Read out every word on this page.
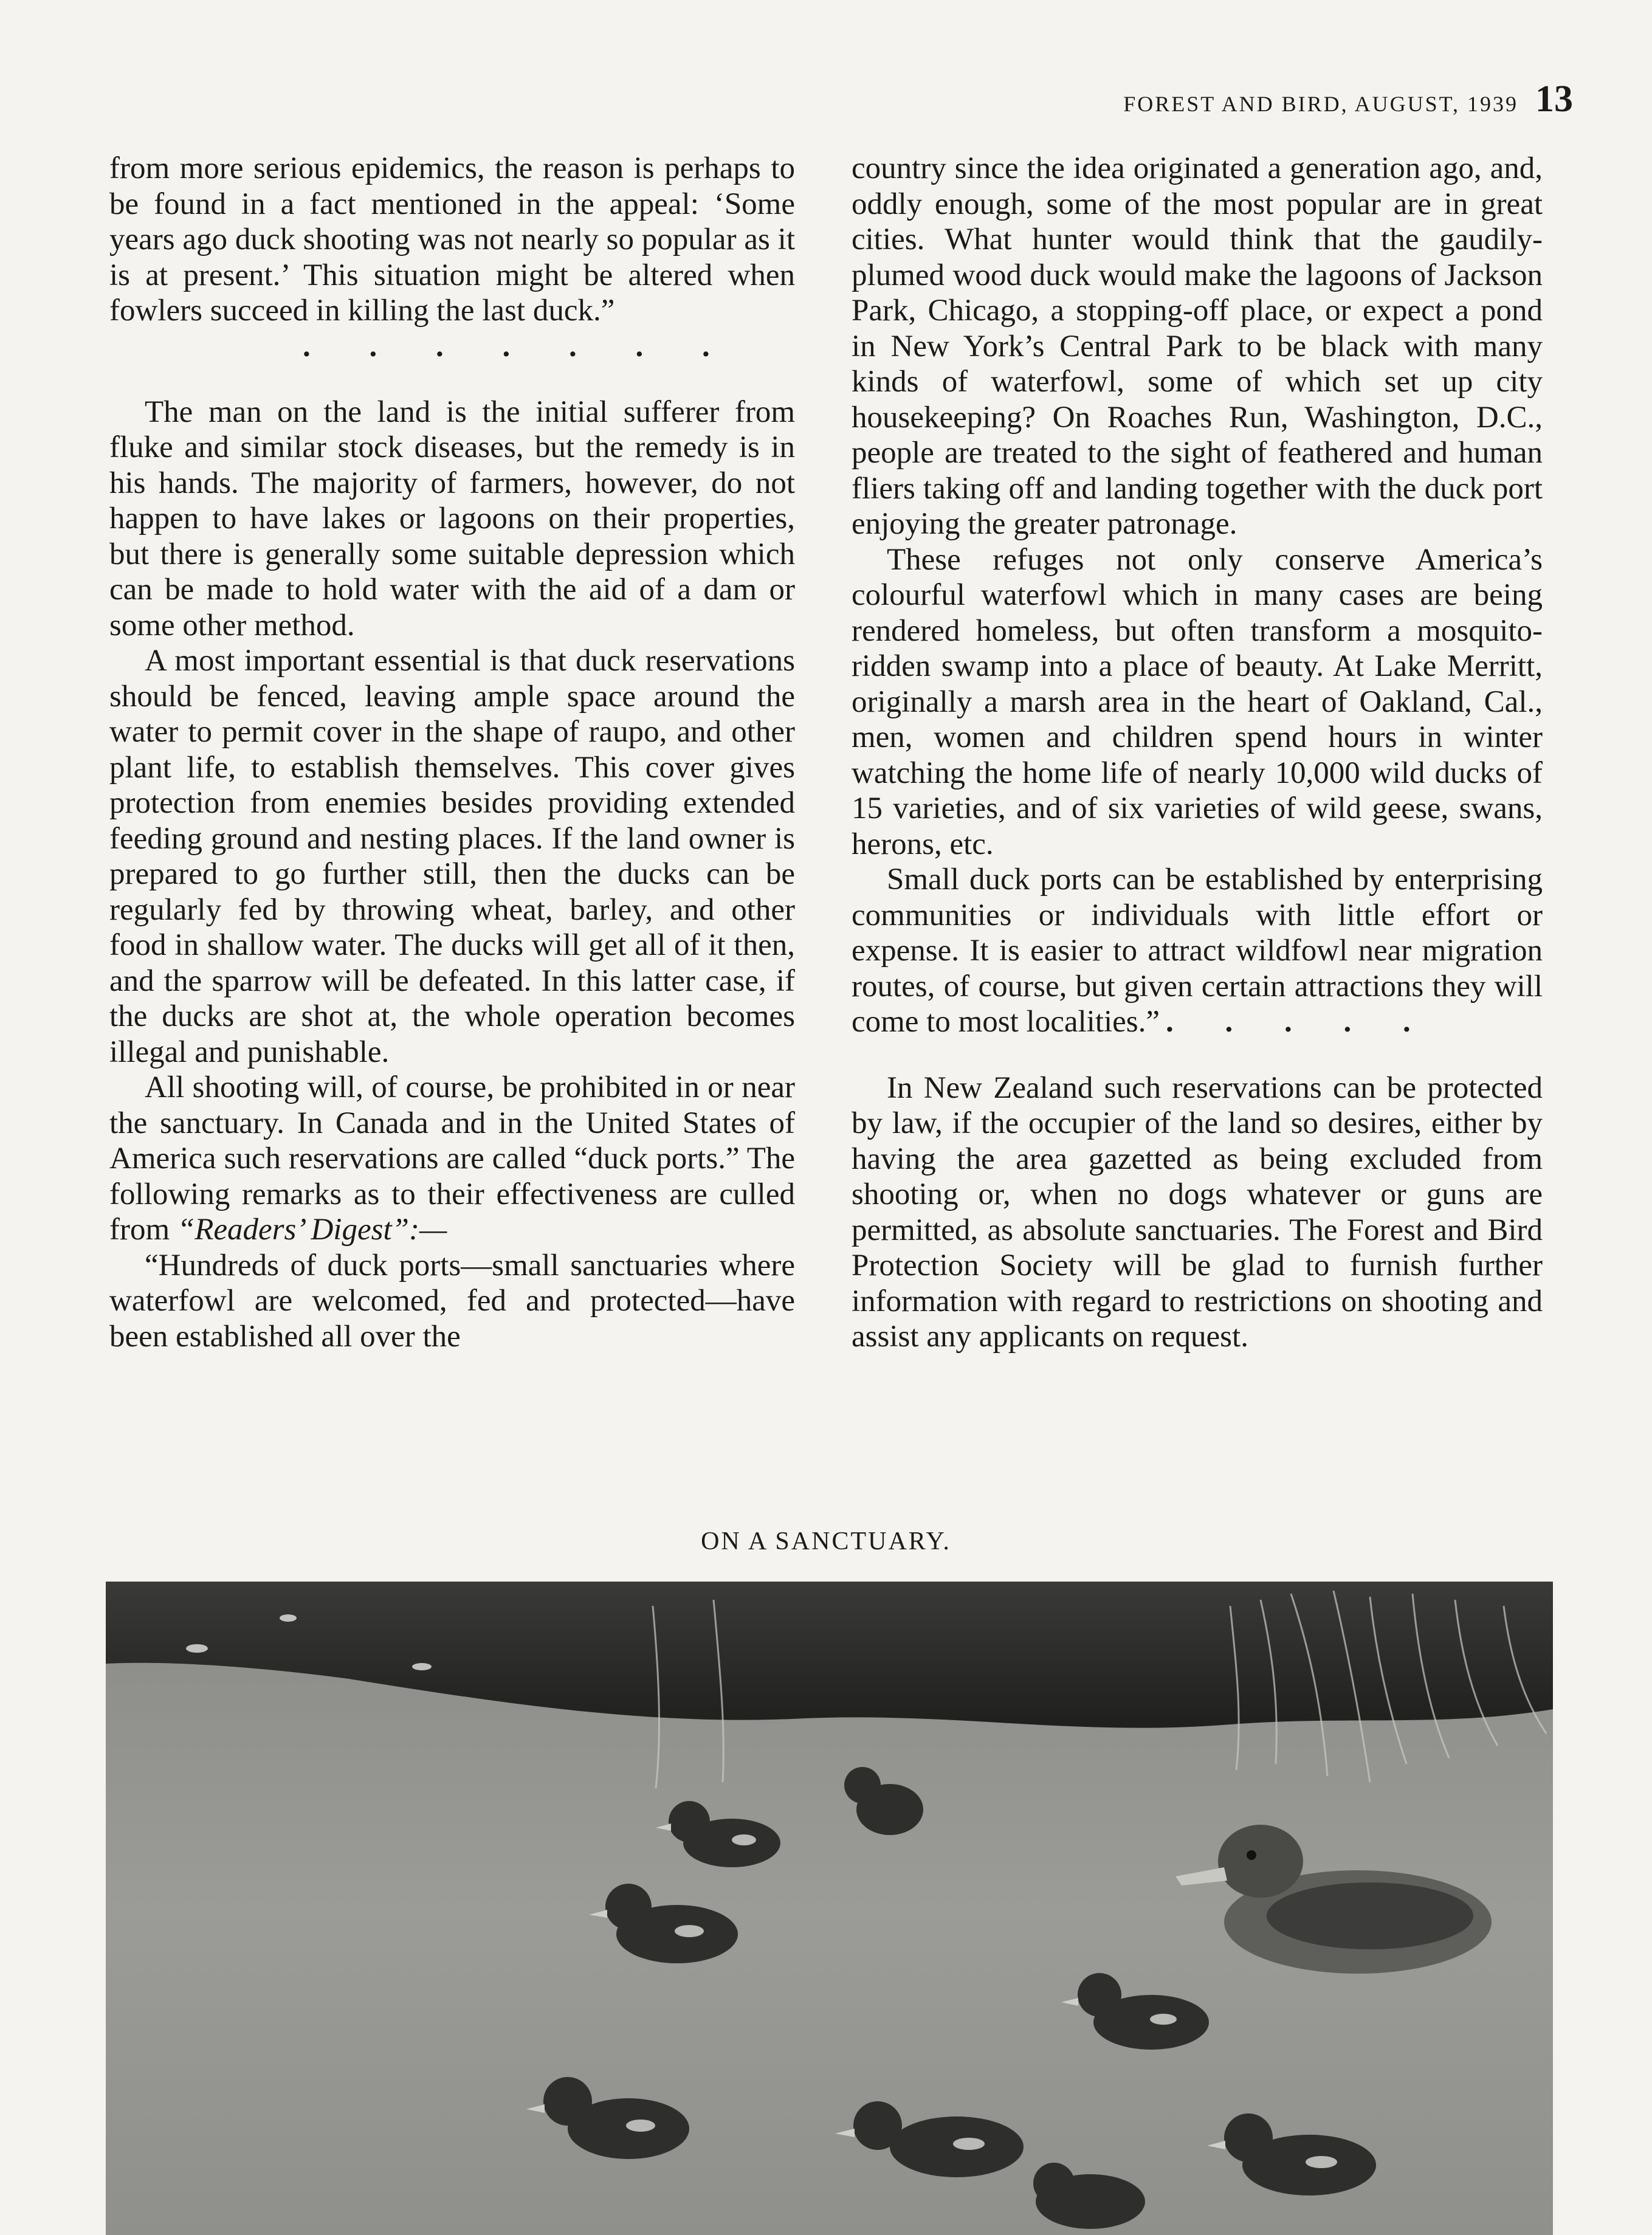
FOREST AND BIRD, AUGUST, 1939 13

from more serious epidemics, the reason is perhaps to be found in a fact mentioned in the appeal: ‘Some years ago duck shooting was not nearly so popular as it is at present.’ This situation might be altered when fowlers succeed in killing the last duck.”

. . . . . . .

The man on the land is the initial sufferer from fluke and similar stock diseases, but the remedy is in his hands. The majority of farmers, however, do not happen to have lakes or lagoons on their properties, but there is generally some suitable depression which can be made to hold water with the aid of a dam or some other method.

A most important essential is that duck reservations should be fenced, leaving ample space around the water to permit cover in the shape of raupo, and other plant life, to establish themselves. This cover gives protection from enemies besides providing extended feeding ground and nesting places. If the land owner is prepared to go further still, then the ducks can be regularly fed by throwing wheat, barley, and other food in shallow water. The ducks will get all of it then, and the sparrow will be defeated. In this latter case, if the ducks are shot at, the whole operation becomes illegal and punishable.

All shooting will, of course, be prohibited in or near the sanctuary. In Canada and in the United States of America such reservations are called “duck ports.” The following remarks as to their effectiveness are culled from “Readers’ Digest”:—

“Hundreds of duck ports—small sanctuaries where waterfowl are welcomed, fed and protected—have been established all over the

country since the idea originated a generation ago, and, oddly enough, some of the most popular are in great cities. What hunter would think that the gaudily-plumed wood duck would make the lagoons of Jackson Park, Chicago, a stopping-off place, or expect a pond in New York’s Central Park to be black with many kinds of waterfowl, some of which set up city housekeeping? On Roaches Run, Washington, D.C., people are treated to the sight of feathered and human fliers taking off and landing together with the duck port enjoying the greater patronage.

These refuges not only conserve America’s colourful waterfowl which in many cases are being rendered homeless, but often transform a mosquito-ridden swamp into a place of beauty. At Lake Merritt, originally a marsh area in the heart of Oakland, Cal., men, women and children spend hours in winter watching the home life of nearly 10,000 wild ducks of 15 varieties, and of six varieties of wild geese, swans, herons, etc.

Small duck ports can be established by enterprising communities or individuals with little effort or expense. It is easier to attract wildfowl near migration routes, of course, but given certain attractions they will come to most localities.” . . . . .

In New Zealand such reservations can be protected by law, if the occupier of the land so desires, either by having the area gazetted as being excluded from shooting or, when no dogs whatever or guns are permitted, as absolute sanctuaries. The Forest and Bird Protection Society will be glad to furnish further information with regard to restrictions on shooting and assist any applicants on request.

ON A SANCTUARY.
